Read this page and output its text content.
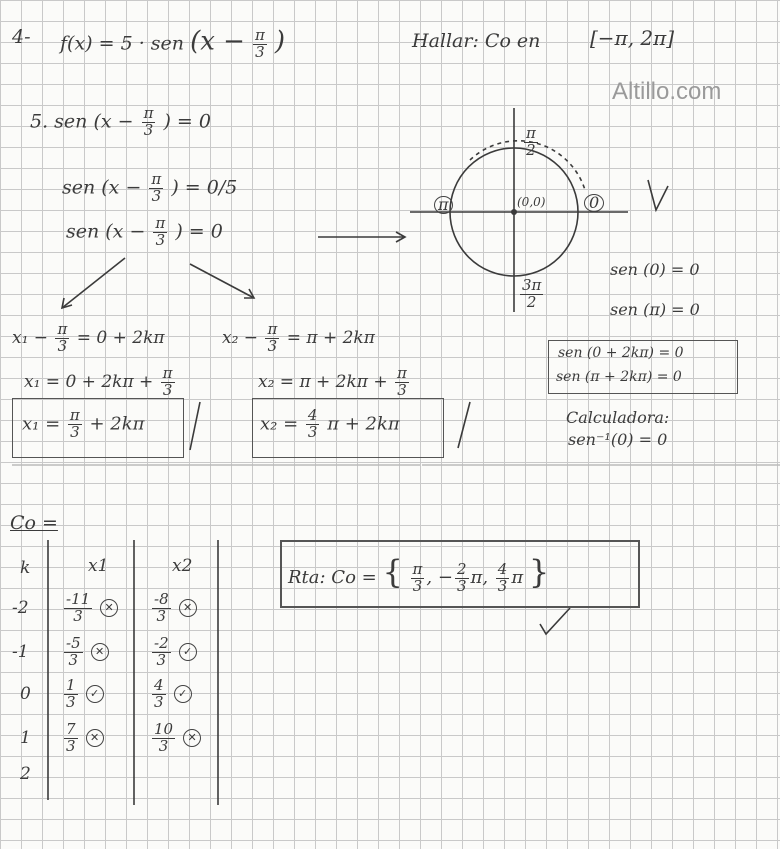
4- f(x) = 5 · sen ($x - \frac{\pi}{3}$ )	Hallar: Co en [−π, 2π]
Altillo.com
5. sen ($x - \frac{\pi}{3}$ ) = 0
sen ($x - \frac{\pi}{3}$ ) = 0/5
sen ($x - \frac{\pi}{3}$ ) = 0
$\frac{\pi}{2}$
π	0
(0,0)
$\frac{3\pi}{2}$
sen (0) = 0
sen (π) = 0
sen (0 + 2kπ) = 0
sen (π + 2kπ) = 0
Calculadora:
sen⁻¹(0) = 0
$x_1 - \frac{\pi}{3} = 0 + 2k\pi$
$x_1 = 0 + 2k\pi + \frac{\pi}{3}$
$x_1 = \frac{\pi}{3} + 2k\pi$
$x_2 - \frac{\pi}{3} = \pi + 2k\pi$
$x_2 = \pi + 2k\pi + \frac{\pi}{3}$
$x_2 = \frac{4}{3}$ π + 2kπ
Co =
k	x1	x2
$-2 \frac{-11}{3}$ ✕	$\frac{-8}{3}$ ✕
$-1 \frac{-5}{3}$ ✕	$\frac{-2}{3}$ ✓
$0 \frac{1}{3}$ ✓	$\frac{4}{3}$ ✓
$1 \frac{7}{3}$ ✕	$\frac{10}{3}$ ✕
2
Rta: Co = { $\frac{\pi}{3}$ , − $\frac{2}{3} \pi$, $\frac{4}{3}$ π }
